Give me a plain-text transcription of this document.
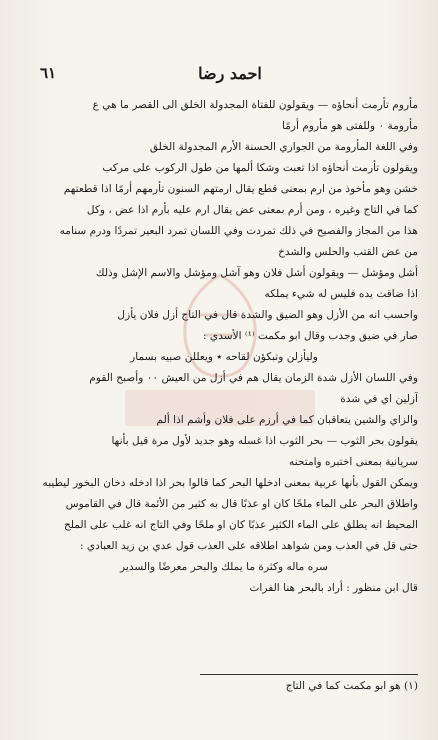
احمد رضا
٦١
مأروم تأرمت أنحاؤه — ويقولون للفتاة المجدولة الخلق الى القصر ما هي ع
مأرومة ٠ وللفتى هو مأروم أرمًا
وفي اللغة المأرومة من الجواري الحسنة الأرم المجدولة الخلق
ويقولون تأرمت أنحاؤه اذا تعبت وشكا ألمها من طول الركوب على مركب
خشن وهو مأخوذ من ارم بمعنى قطع يقال ارمتهم السنون تأرمهم أرمًا اذا قطعتهم
كما في التاج وغيره ، ومن أرم بمعنى عض يقال ارم عليه بأرم اذا عض ، وكل
هذا من المجاز والفصيح في ذلك تمردت وفي اللسان تمرد البعير تمردًا ودرم سنامه
من عض القتب والحلس والشدخ
أشل ومؤشل — ويقولون أشل فلان وهو آشل ومؤشل والاسم الإشل وذلك
اذا ضاقت يده فليس له شيء يملكه
واحسب انه من الأزل وهو الضيق والشدة قال في التاج أزل فلان يأزل
صار في ضيق وجدب وقال ابو مكمت ⁽¹⁾ الأسدي :
وليأزلن وتبكؤن لقاحه ٭ ويعللن صبيه بسمار
وفي اللسان الأزل شدة الزمان يقال هم في أزل من العيش ٠٠ وأصبح القوم
آزلين اي في شدة
والزاي والشين يتعاقبان كما في أرزم على فلان وأشم اذا ألم
يقولون بحر الثوب — بحر الثوب اذا غسله وهو جديد لأول مرة قيل بأنها
سريانية بمعنى اختبره وامتحنه
ويمكن القول بأنها عربية بمعنى ادخلها البحر كما قالوا بحر اذا ادخله دخان البخور ليطيبه
واطلاق البحر على الماء ملحًا كان او عذبًا قال به كثير من الأئمة قال في القاموس
المحيط انه يطلق على الماء الكثير عذبًا كان او ملحًا وفي التاج انه غلب على الملح
حتى قل في العذب ومن شواهد اطلاقه على العذب قول عدي بن زيد العبادي :
سره ماله وكثرة ما يملك والبحر معرضًا والسدير
قال ابن منظور : أراد بالبحر هنا الفرات
(١) هو ابو مكمت كما في التاج
